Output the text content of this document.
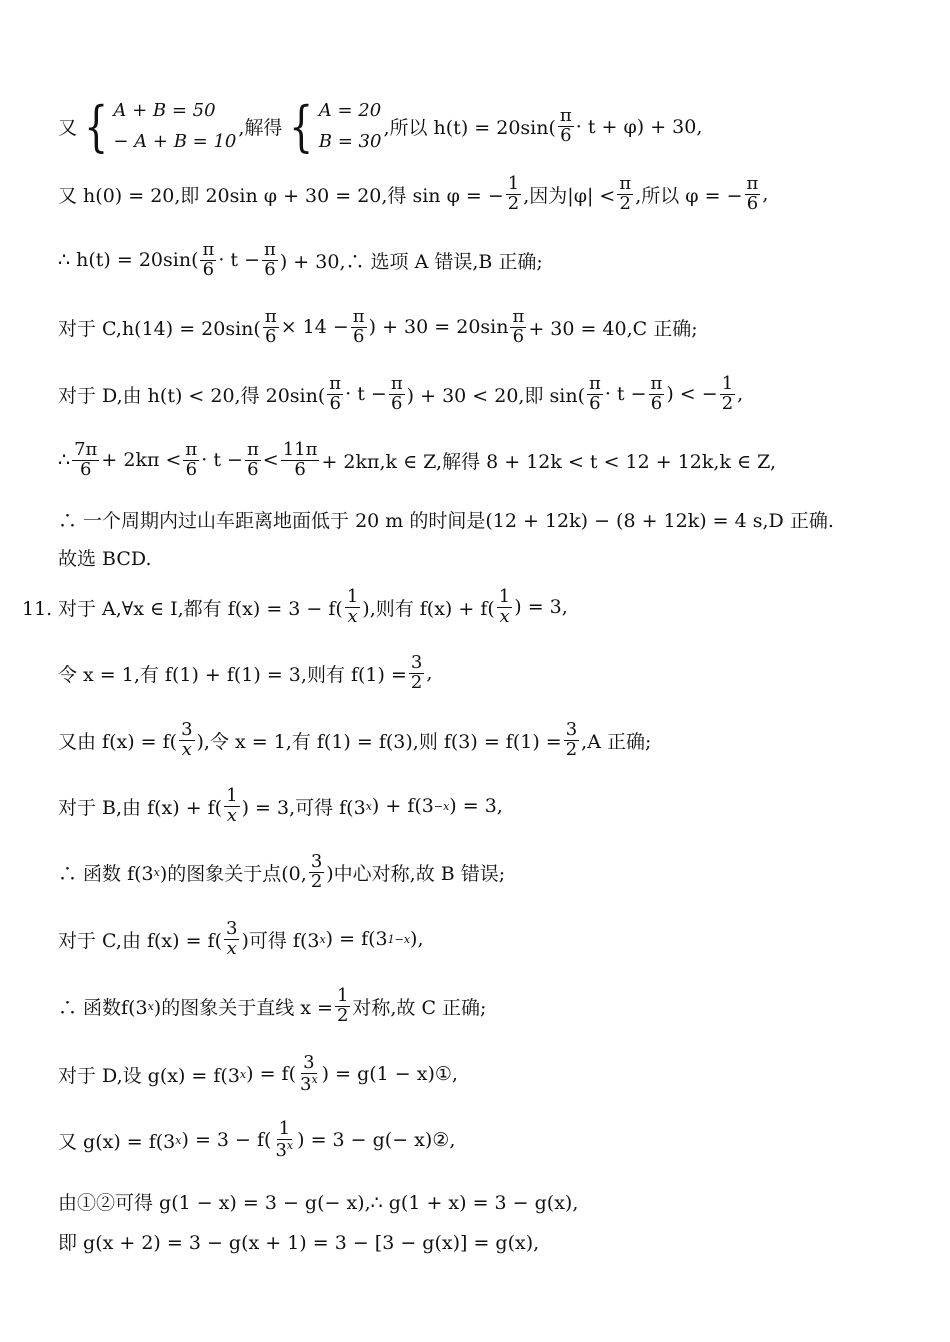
又 { A + B = 50
− A + B = 10
,解得 { A = 20
B = 30
,所以 $h(t) = 20\sin( \frac{\pi}{6} \cdot t + \varphi) + 30$,
又 h(0) = 20,即 20sin φ + 30 = 20,得 sin φ = − $\frac{1}{2}$ ,因为$|\varphi| < \frac{\pi}{2}$ ,所以 φ = − $\frac{\pi}{6}$ ,
∴ $h(t) = 20\sin( \frac{\pi}{6} \cdot t - \frac{\pi}{6}$ ) + 30,∴ 选项 A 错误,B 正确;
对于 $C,h(14) = 20\sin( \frac{\pi}{6} \times 14 - \frac{\pi}{6}$ ) + $30 = 20\sin \frac{\pi}{6} + 30 = 40,C$ 正确;
对于 D,由 h(t) < 20,得 $20\sin( \frac{\pi}{6} \cdot t - \frac{\pi}{6}$ ) + 30 < 20,即 $\sin( \frac{\pi}{6} \cdot t - \frac{\pi}{6}$ ) < − $\frac{1}{2}$ ,
∴ $\frac{7\pi}{6} + 2k\pi < \frac{\pi}{6} \cdot t - \frac{\pi}{6} < \frac{11\pi}{6} + 2k\pi,k$ ∈ Z,解得 8 + 12k < t < 12 + 12k,k ∈ Z,
∴ 一个周期内过山车距离地面低于 20 m 的时间是(12 + 12k) − (8 + 12k) = 4 s,D 正确.
故选 BCD.
11. 对于 A,∀x ∈ I,都有 $f(x) = 3 - f( \frac{1}{x}$ ),则有 $f(x) + f( \frac{1}{x}$ ) = 3,
令 x = 1,有 f(1) + f(1) = 3,则有 $f(1) = \frac{3}{2}$ ,
又由 $f(x) = f( \frac{3}{x}$ ),令 x = 1,有 f(1) = f(3),则 $f(3) = f(1) = \frac{3}{2} ,A$ 正确;
对于 B,由 $f(x) + f( \frac{1}{x}$ ) = 3,可得 f(3 x ) + f(3 −x ) = 3,
∴ 函数 f(3 x )的图象关于点(0, $\frac{3}{2}$ )中心对称,故 B 错误;
对于 C,由 $f(x) = f( \frac{3}{x}$ )可得 f(3 x ) = f(3 1−x ),
∴ 函数f(3 x )的图象关于直线 $x = \frac{1}{2}$ 对称,故 C 正确;
对于 D,设 g(x) = f(3 x ) = $f( \frac{3}{3^x}$ ) = g(1 − x)①,
又 g(x) = f(3 x ) = $3 - f( \frac{1}{3^x}$ ) = 3 − g(− x)②,
由①②可得 g(1 − x) = 3 − g(− x),∴ g(1 + x) = 3 − g(x),
即 g(x + 2) = 3 − g(x + 1) = 3 − [3 − g(x)] = g(x),
